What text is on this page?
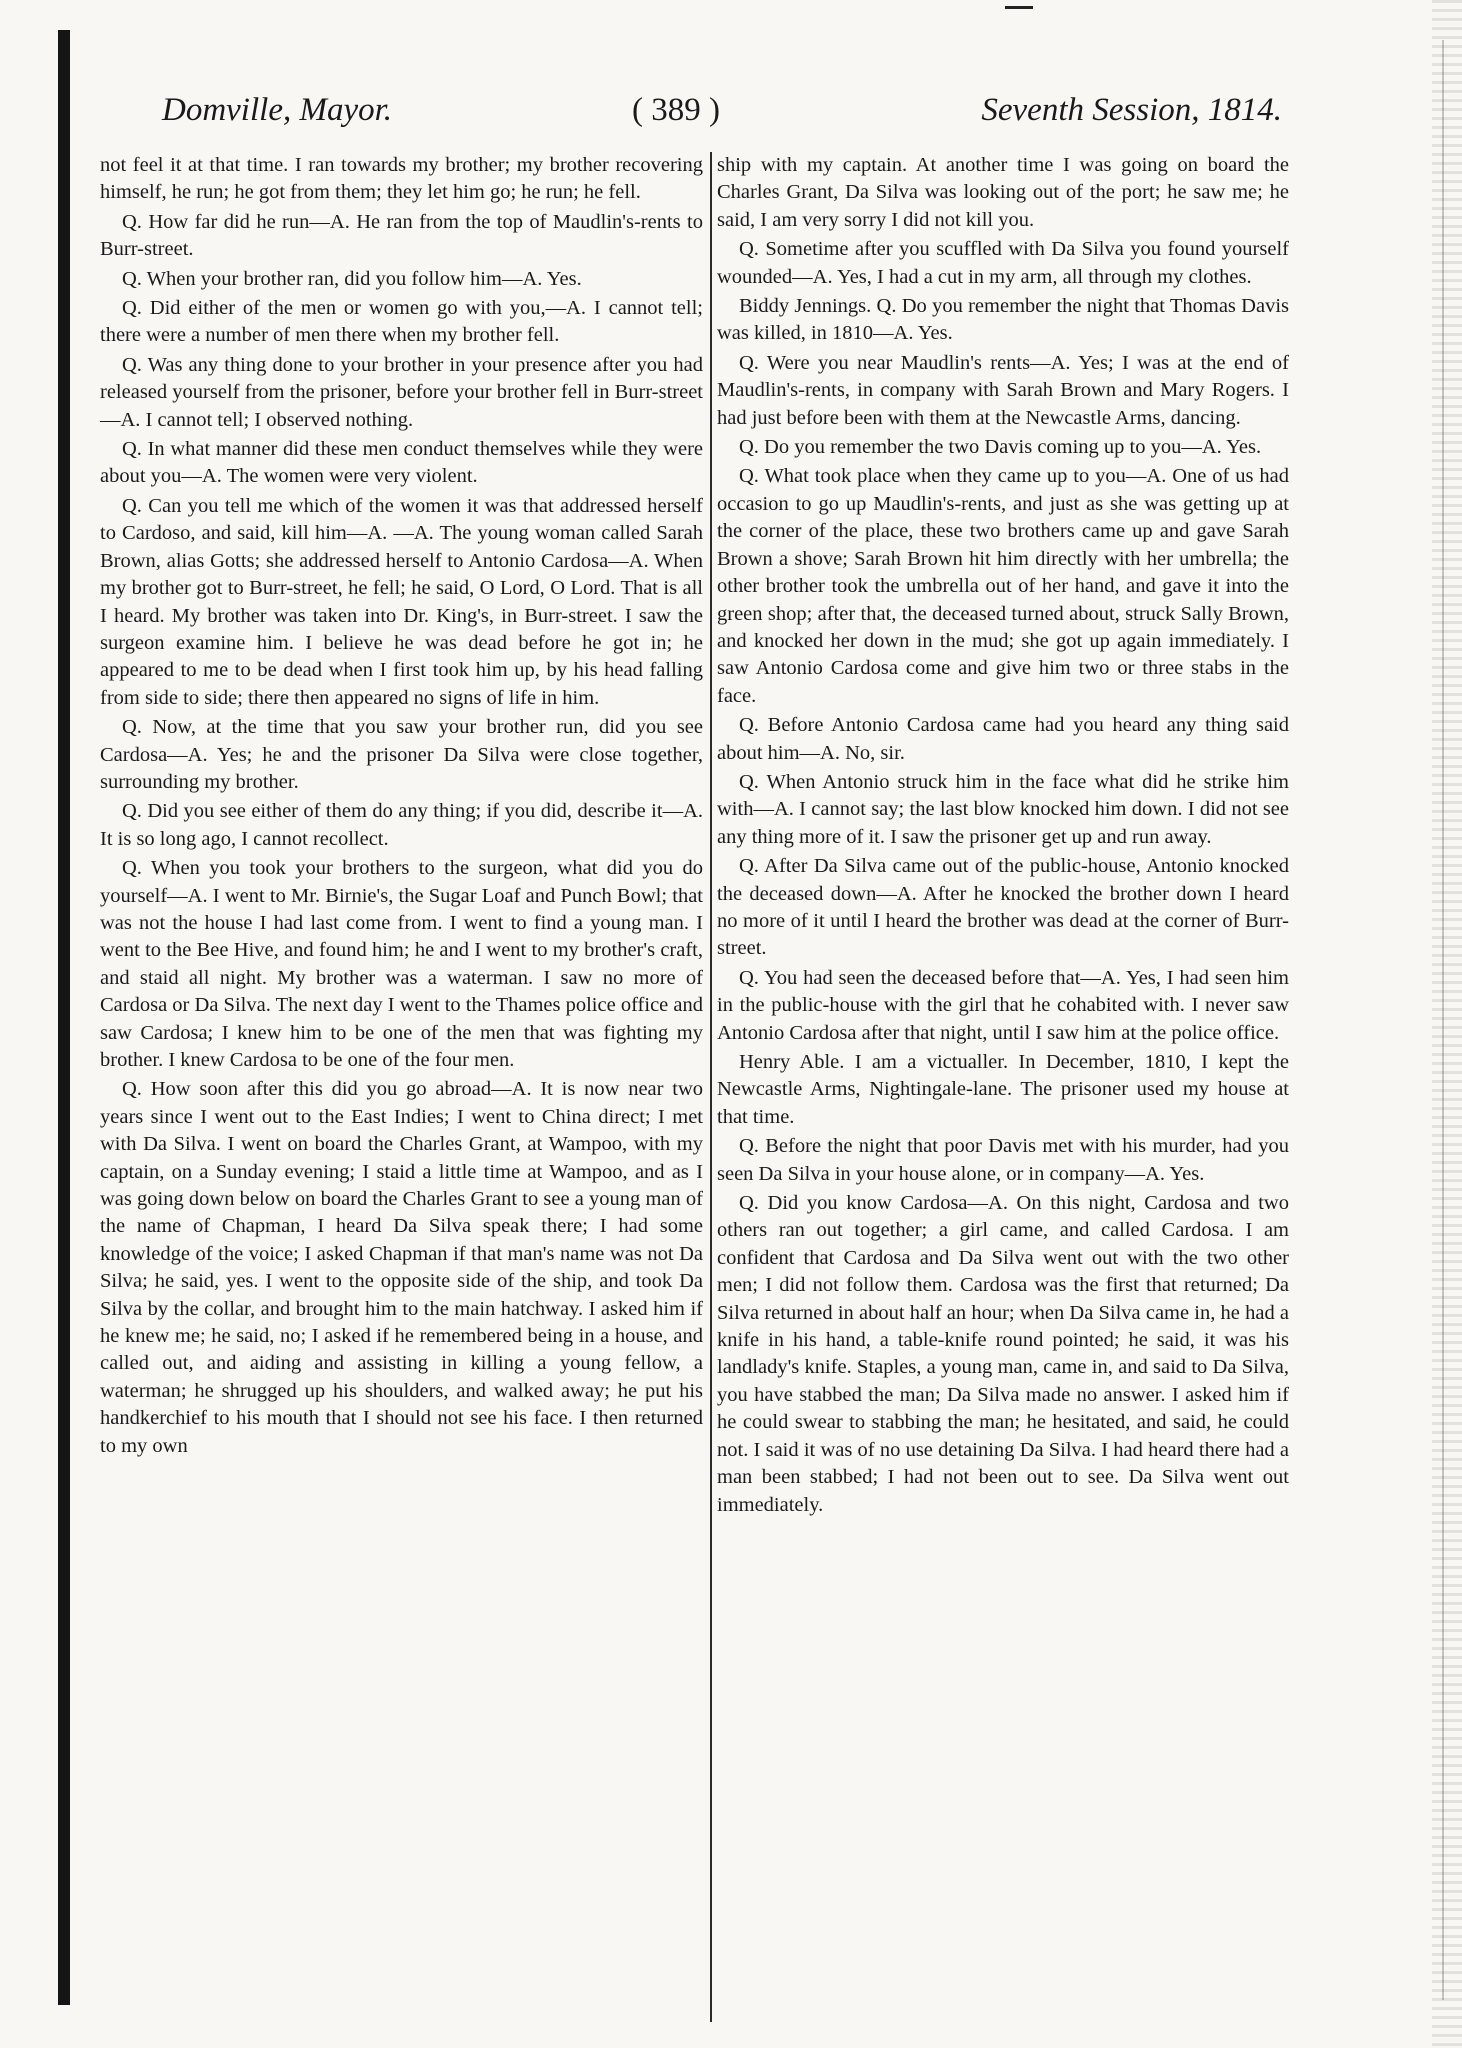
Domville, Mayor.	( 389 )	Seventh Session, 1814.

not feel it at that time. I ran towards my brother; my brother recovering himself, he run; he got from them; they let him go; he run; he fell.

Q. How far did he run—A. He ran from the top of Maudlin's-rents to Burr-street.

Q. When your brother ran, did you follow him—A. Yes.

Q. Did either of the men or women go with you,—A. I cannot tell; there were a number of men there when my brother fell.

Q. Was any thing done to your brother in your presence after you had released yourself from the prisoner, before your brother fell in Burr-street—A. I cannot tell; I observed nothing.

Q. In what manner did these men conduct themselves while they were about you—A. The women were very violent.

Q. Can you tell me which of the women it was that addressed herself to Cardoso, and said, kill him—A. —A. The young woman called Sarah Brown, alias Gotts; she addressed herself to Antonio Cardosa—A. When my brother got to Burr-street, he fell; he said, O Lord, O Lord. That is all I heard. My brother was taken into Dr. King's, in Burr-street. I saw the surgeon examine him. I believe he was dead before he got in; he appeared to me to be dead when I first took him up, by his head falling from side to side; there then appeared no signs of life in him.

Q. Now, at the time that you saw your brother run, did you see Cardosa—A. Yes; he and the prisoner Da Silva were close together, surrounding my brother.

Q. Did you see either of them do any thing; if you did, describe it—A. It is so long ago, I cannot recollect.

Q. When you took your brothers to the surgeon, what did you do yourself—A. I went to Mr. Birnie's, the Sugar Loaf and Punch Bowl; that was not the house I had last come from. I went to find a young man. I went to the Bee Hive, and found him; he and I went to my brother's craft, and staid all night. My brother was a waterman. I saw no more of Cardosa or Da Silva. The next day I went to the Thames police office and saw Cardosa; I knew him to be one of the men that was fighting my brother. I knew Cardosa to be one of the four men.

Q. How soon after this did you go abroad—A. It is now near two years since I went out to the East Indies; I went to China direct; I met with Da Silva. I went on board the Charles Grant, at Wampoo, with my captain, on a Sunday evening; I staid a little time at Wampoo, and as I was going down below on board the Charles Grant to see a young man of the name of Chapman, I heard Da Silva speak there; I had some knowledge of the voice; I asked Chapman if that man's name was not Da Silva; he said, yes. I went to the opposite side of the ship, and took Da Silva by the collar, and brought him to the main hatchway. I asked him if he knew me; he said, no; I asked if he remembered being in a house, and called out, and aiding and assisting in killing a young fellow, a waterman; he shrugged up his shoulders, and walked away; he put his handkerchief to his mouth that I should not see his face. I then returned to my own

ship with my captain. At another time I was going on board the Charles Grant, Da Silva was looking out of the port; he saw me; he said, I am very sorry I did not kill you.

Q. Sometime after you scuffled with Da Silva you found yourself wounded—A. Yes, I had a cut in my arm, all through my clothes.

Biddy Jennings. Q. Do you remember the night that Thomas Davis was killed, in 1810—A. Yes.

Q. Were you near Maudlin's rents—A. Yes; I was at the end of Maudlin's-rents, in company with Sarah Brown and Mary Rogers. I had just before been with them at the Newcastle Arms, dancing.

Q. Do you remember the two Davis coming up to you—A. Yes.

Q. What took place when they came up to you—A. One of us had occasion to go up Maudlin's-rents, and just as she was getting up at the corner of the place, these two brothers came up and gave Sarah Brown a shove; Sarah Brown hit him directly with her umbrella; the other brother took the umbrella out of her hand, and gave it into the green shop; after that, the deceased turned about, struck Sally Brown, and knocked her down in the mud; she got up again immediately. I saw Antonio Cardosa come and give him two or three stabs in the face.

Q. Before Antonio Cardosa came had you heard any thing said about him—A. No, sir.

Q. When Antonio struck him in the face what did he strike him with—A. I cannot say; the last blow knocked him down. I did not see any thing more of it. I saw the prisoner get up and run away.

Q. After Da Silva came out of the public-house, Antonio knocked the deceased down—A. After he knocked the brother down I heard no more of it until I heard the brother was dead at the corner of Burr-street.

Q. You had seen the deceased before that—A. Yes, I had seen him in the public-house with the girl that he cohabited with. I never saw Antonio Cardosa after that night, until I saw him at the police office.

Henry Able. I am a victualler. In December, 1810, I kept the Newcastle Arms, Nightingale-lane. The prisoner used my house at that time.

Q. Before the night that poor Davis met with his murder, had you seen Da Silva in your house alone, or in company—A. Yes.

Q. Did you know Cardosa—A. On this night, Cardosa and two others ran out together; a girl came, and called Cardosa. I am confident that Cardosa and Da Silva went out with the two other men; I did not follow them. Cardosa was the first that returned; Da Silva returned in about half an hour; when Da Silva came in, he had a knife in his hand, a table-knife round pointed; he said, it was his landlady's knife. Staples, a young man, came in, and said to Da Silva, you have stabbed the man; Da Silva made no answer. I asked him if he could swear to stabbing the man; he hesitated, and said, he could not. I said it was of no use detaining Da Silva. I had heard there had a man been stabbed; I had not been out to see. Da Silva went out immediately.
